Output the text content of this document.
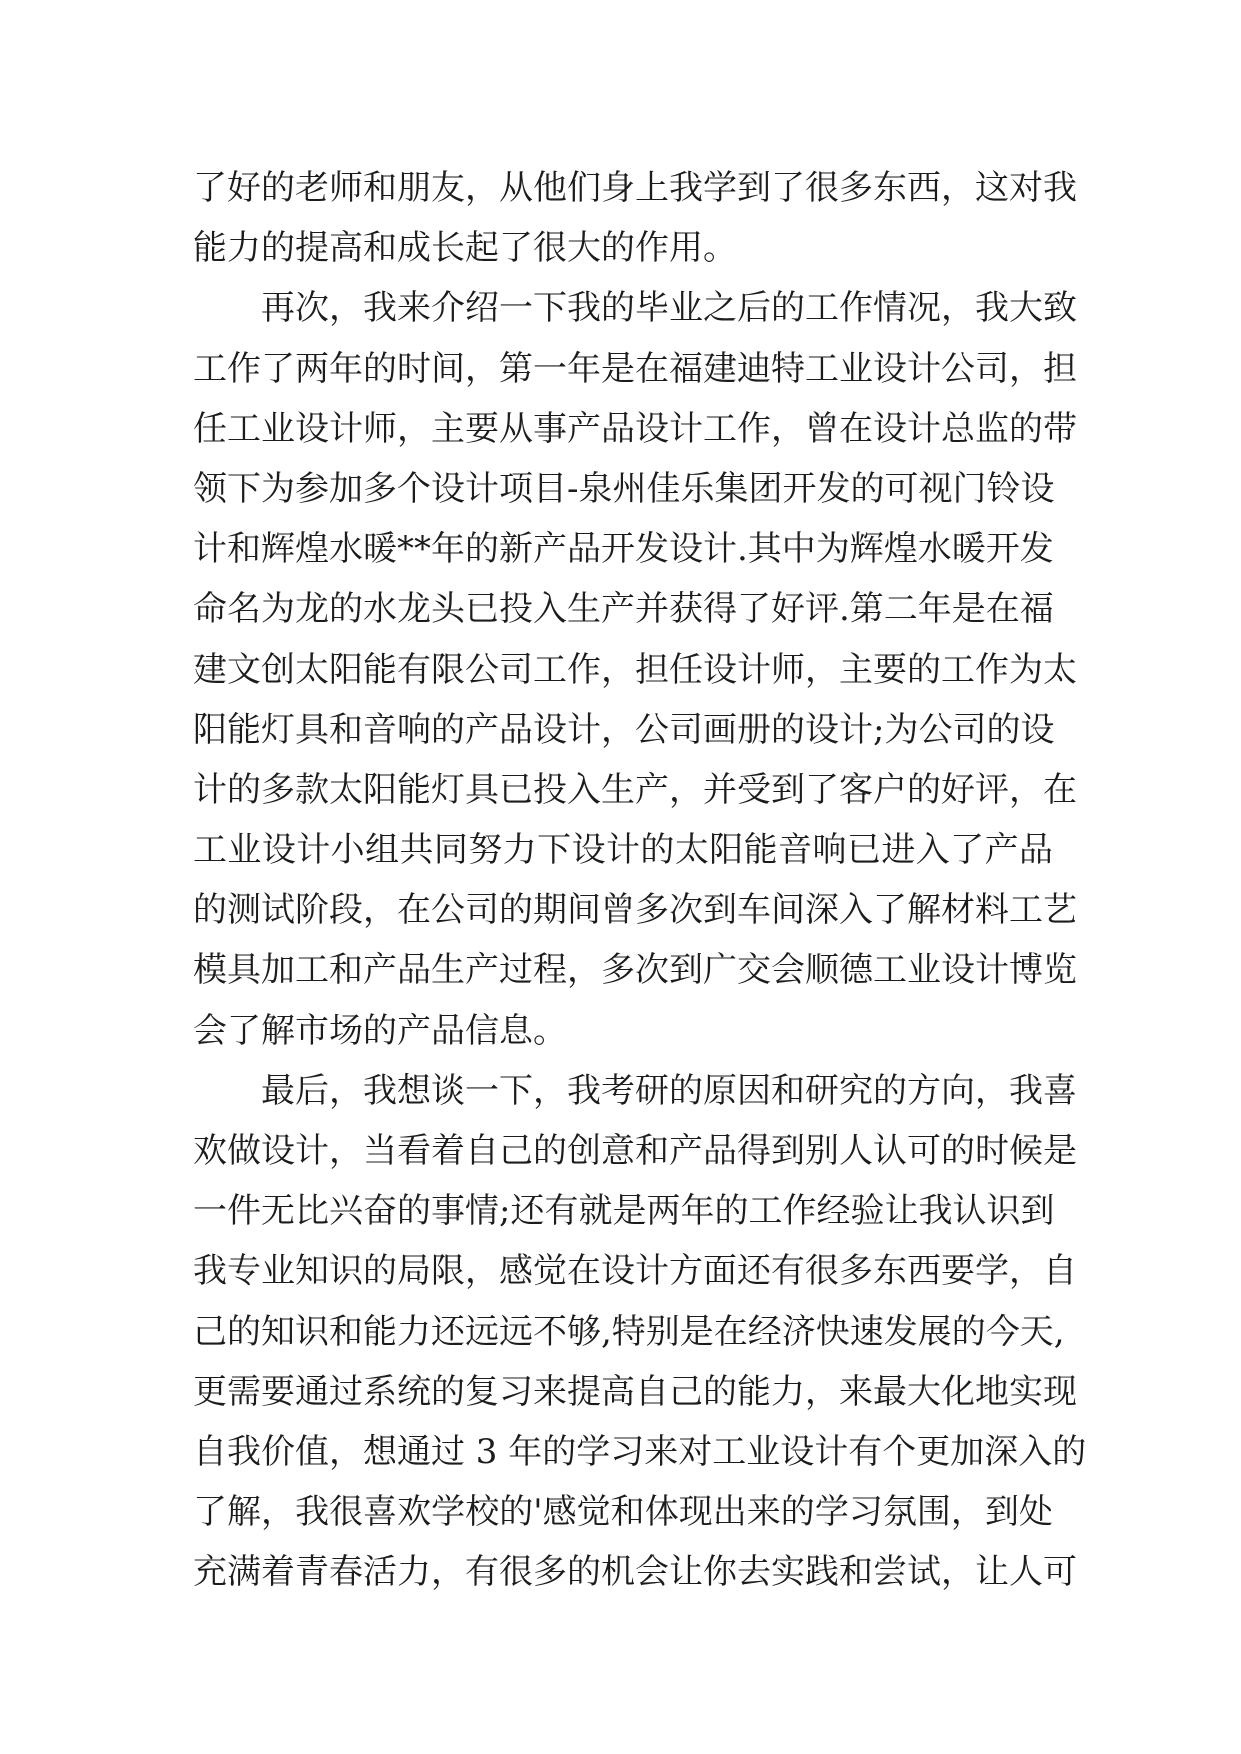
了好的老师和朋友，从他们身上我学到了很多东西，这对我
能力的提高和成长起了很大的作用。
　　再次，我来介绍一下我的毕业之后的工作情况，我大致
工作了两年的时间，第一年是在福建迪特工业设计公司，担
任工业设计师，主要从事产品设计工作，曾在设计总监的带
领下为参加多个设计项目-泉州佳乐集团开发的可视门铃设
计和辉煌水暖**年的新产品开发设计.其中为辉煌水暖开发
命名为龙的水龙头已投入生产并获得了好评.第二年是在福
建文创太阳能有限公司工作，担任设计师，主要的工作为太
阳能灯具和音响的产品设计，公司画册的设计;为公司的设
计的多款太阳能灯具已投入生产，并受到了客户的好评，在
工业设计小组共同努力下设计的太阳能音响已进入了产品
的测试阶段，在公司的期间曾多次到车间深入了解材料工艺
模具加工和产品生产过程，多次到广交会顺德工业设计博览
会了解市场的产品信息。
　　最后，我想谈一下，我考研的原因和研究的方向，我喜
欢做设计，当看着自己的创意和产品得到别人认可的时候是
一件无比兴奋的事情;还有就是两年的工作经验让我认识到
我专业知识的局限，感觉在设计方面还有很多东西要学，自
己的知识和能力还远远不够,特别是在经济快速发展的今天,
更需要通过系统的复习来提高自己的能力，来最大化地实现
自我价值，想通过 3 年的学习来对工业设计有个更加深入的
了解，我很喜欢学校的'感觉和体现出来的学习氛围，到处
充满着青春活力，有很多的机会让你去实践和尝试，让人可
